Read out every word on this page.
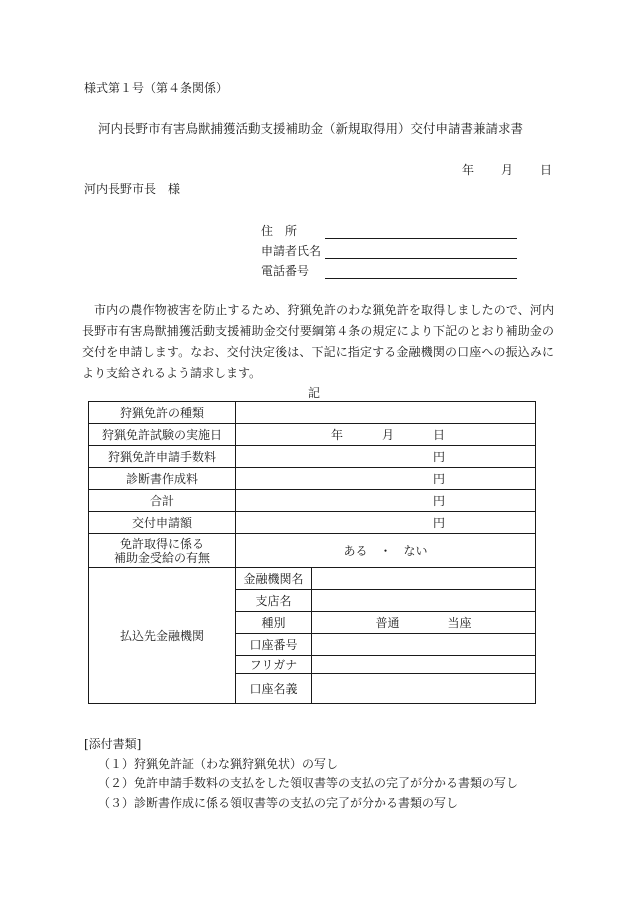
様式第１号（第４条関係）
河内長野市有害鳥獣捕獲活動支援補助金（新規取得用）交付申請書兼請求書
年 月 日
河内長野市長　様
住　所
申請者氏名
電話番号
市内の農作物被害を防止するため、狩猟免許のわな猟免許を取得しましたので、河内長野市有害鳥獣捕獲活動支援補助金交付要綱第４条の規定により下記のとおり補助金の交付を申請します。なお、交付決定後は、下記に指定する金融機関の口座への振込みにより支給されるよう請求します。
記
狩猟免許の種類		
狩猟免許試験の実施日	年 月 日	

狩猟免許申請手数料	円	

診断書作成料	円	

合計	円	

交付申請額	円	

免許取得に係る
補助金受給の有無	ある　・　ない	
払込先金融機関	金融機関名	
	支店名	
	種別	普通　　　　当座
	口座番号	
	フリガナ	
	口座名義	
[添付書類]
（１）狩猟免許証（わな猟狩猟免状）の写し
（２）免許申請手数料の支払をした領収書等の支払の完了が分かる書類の写し
（３）診断書作成に係る領収書等の支払の完了が分かる書類の写し
